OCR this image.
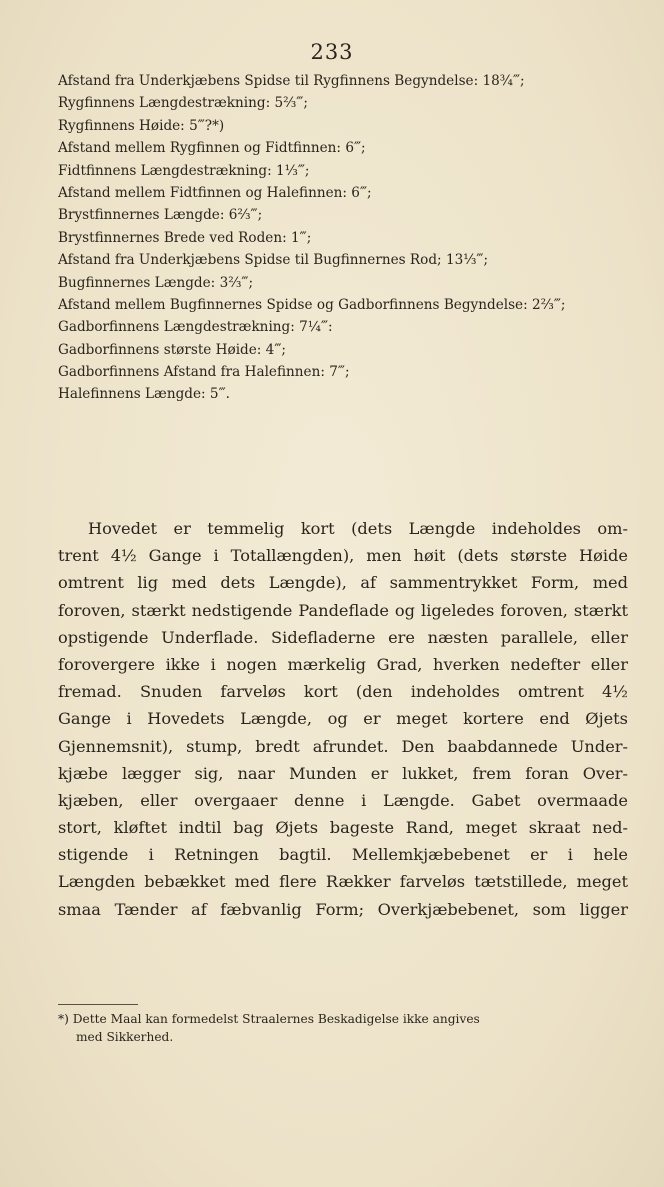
233
Afstand fra Underkjæbens Spidse til Rygfinnens Begyndelse: 18¾‴;
Rygfinnens Længdestrækning: 5⅔‴;
Rygfinnens Høide: 5‴?*)
Afstand mellem Rygfinnen og Fidtfinnen: 6‴;
Fidtfinnens Længdestrækning: 1⅓‴;
Afstand mellem Fidtfinnen og Halefinnen: 6‴;
Brystfinnernes Længde: 6⅔‴;
Brystfinnernes Brede ved Roden: 1‴;
Afstand fra Underkjæbens Spidse til Bugfinnernes Rod; 13⅓‴;
Bugfinnernes Længde: 3⅔‴;
Afstand mellem Bugfinnernes Spidse og Gadborfinnens Begyndelse: 2⅔‴;
Gadborfinnens Længdestrækning: 7¼‴:
Gadborfinnens største Høide: 4‴;
Gadborfinnens Afstand fra Halefinnen: 7‴;
Halefinnens Længde: 5‴.
Hovedet er temmelig kort (dets Længde indeholdes om-
trent 4½ Gange i Totallængden), men høit (dets største Høide
omtrent lig med dets Længde), af sammentrykket Form, med
foroven, stærkt nedstigende Pandeflade og ligeledes foroven, stærkt
opstigende Underflade. Sidefladerne ere næsten parallele, eller
forovergere ikke i nogen mærkelig Grad, hverken nedefter eller
fremad. Snuden farveløs kort (den indeholdes omtrent 4½
Gange i Hovedets Længde, og er meget kortere end Øjets
Gjennemsnit), stump, bredt afrundet. Den baabdannede Under-
kjæbe lægger sig, naar Munden er lukket, frem foran Over-
kjæben, eller overgaaer denne i Længde. Gabet overmaade
stort, kløftet indtil bag Øjets bageste Rand, meget skraat ned-
stigende i Retningen bagtil. Mellemkjæbebenet er i hele
Længden bebækket med flere Rækker farveløs tætstillede, meget
smaa Tænder af fæbvanlig Form; Overkjæbebenet, som ligger
*) Dette Maal kan formedelst Straalernes Beskadigelse ikke angives
med Sikkerhed.
